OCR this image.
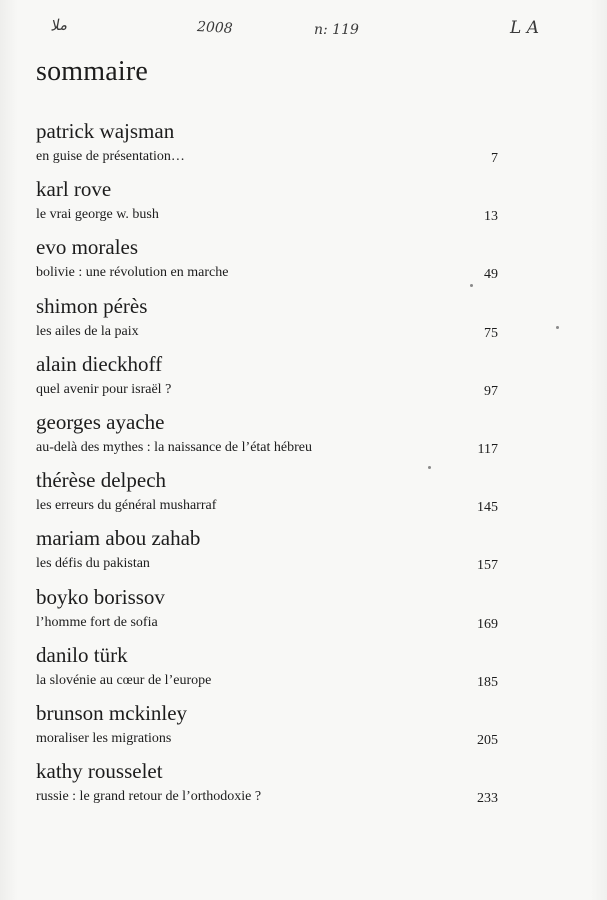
ملا	2008	n: 119	L A
sommaire
patrick wajsman
en guise de présentation…	7
karl rove
le vrai george w. bush	13
evo morales
bolivie : une révolution en marche	49
shimon pérès
les ailes de la paix	75
alain dieckhoff
quel avenir pour israël ?	97
georges ayache
au-delà des mythes : la naissance de l’état hébreu	117
thérèse delpech
les erreurs du général musharraf	145
mariam abou zahab
les défis du pakistan	157
boyko borissov
l’homme fort de sofia	169
danilo türk
la slovénie au cœur de l’europe	185
brunson mckinley
moraliser les migrations	205
kathy rousselet
russie : le grand retour de l’orthodoxie ?	233
